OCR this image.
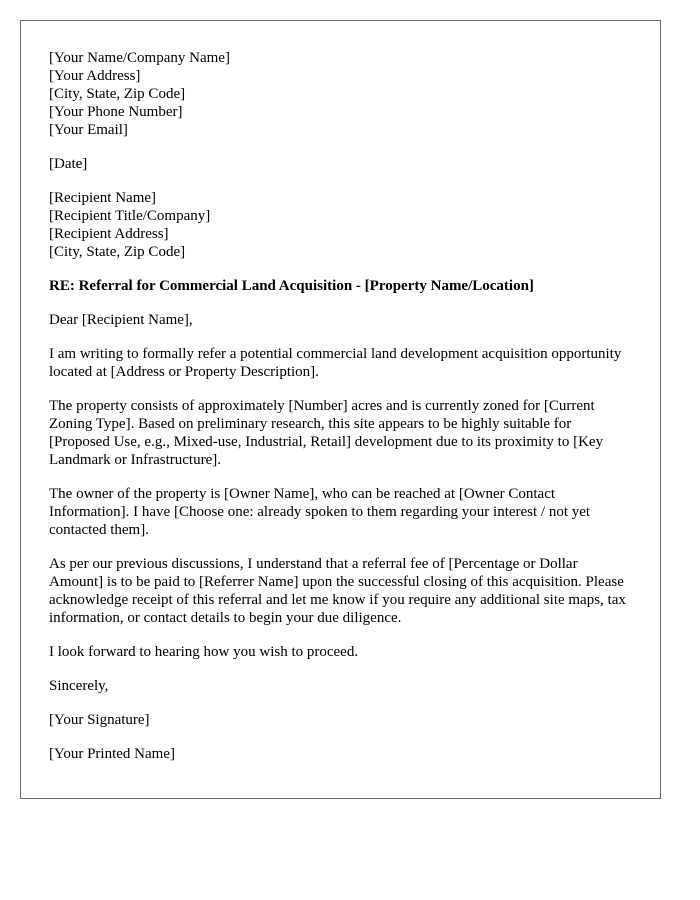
[Your Name/Company Name]
[Your Address]
[City, State, Zip Code]
[Your Phone Number]
[Your Email]
[Date]
[Recipient Name]
[Recipient Title/Company]
[Recipient Address]
[City, State, Zip Code]

RE: Referral for Commercial Land Acquisition - [Property Name/Location]

Dear [Recipient Name],

I am writing to formally refer a potential commercial land development acquisition opportunity located at [Address or Property Description].

The property consists of approximately [Number] acres and is currently zoned for [Current Zoning Type]. Based on preliminary research, this site appears to be highly suitable for [Proposed Use, e.g., Mixed-use, Industrial, Retail] development due to its proximity to [Key Landmark or Infrastructure].

The owner of the property is [Owner Name], who can be reached at [Owner Contact Information]. I have [Choose one: already spoken to them regarding your interest / not yet contacted them].

As per our previous discussions, I understand that a referral fee of [Percentage or Dollar Amount] is to be paid to [Referrer Name] upon the successful closing of this acquisition. Please acknowledge receipt of this referral and let me know if you require any additional site maps, tax information, or contact details to begin your due diligence.

I look forward to hearing how you wish to proceed.

Sincerely,

[Your Signature]

[Your Printed Name]
